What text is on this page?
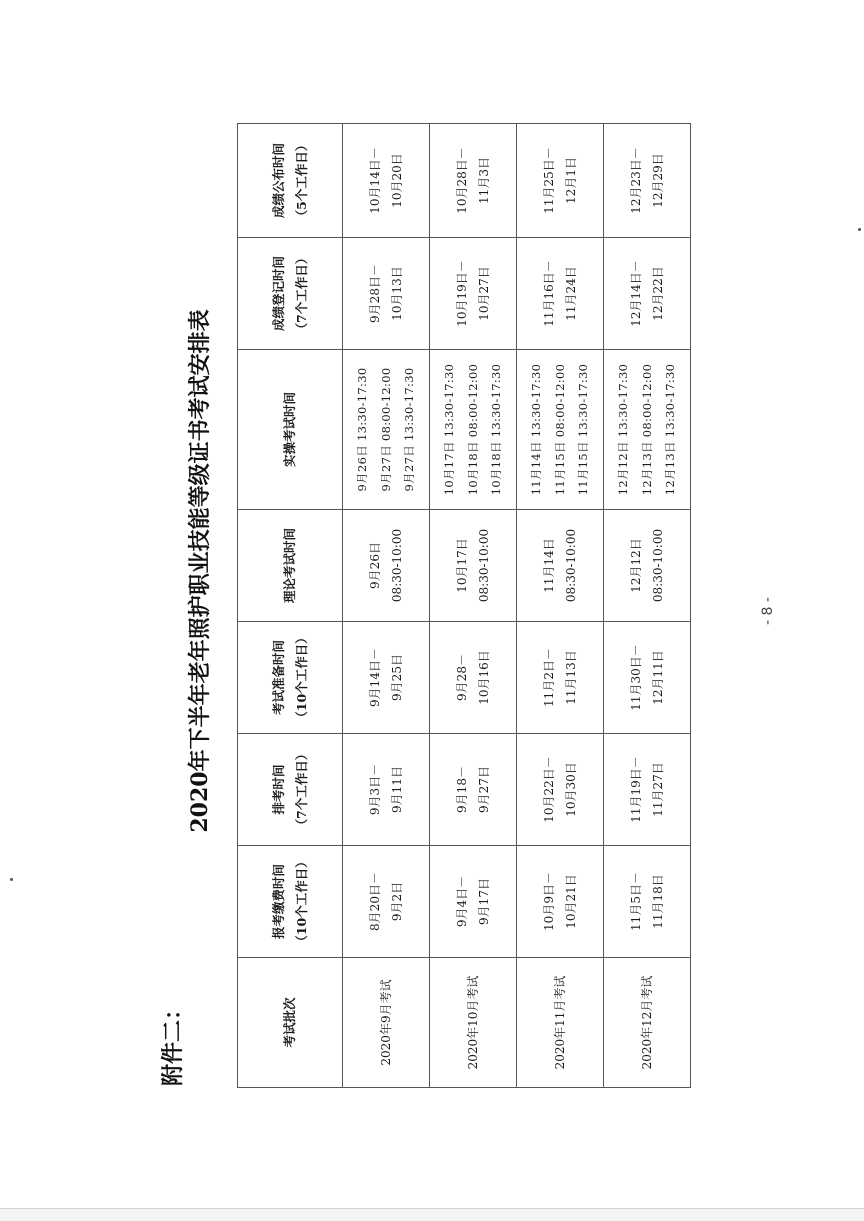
附件二：
2020年下半年老年照护职业技能等级证书考试安排表
考试批次	报考缴费时间 （10个工作日）	排考时间 （7个工作日）	考试准备时间 （10个工作日）	理论考试时间	实操考试时间	成绩登记时间 （7个工作日）	成绩公布时间 （5个工作日）

2020年9月考试	8月20日－ 9月2日	9月3日－ 9月11日	9月14日－ 9月25日	9月26日 08:30-10:00	9月26日 13:30-17:30 9月27日 08:00-12:00 9月27日 13:30-17:30	9月28日－ 10月13日	10月14日－ 10月20日

2020年10月考试	9月4日－ 9月17日	9月18－ 9月27日	9月28－ 10月16日	10月17日 08:30-10:00	10月17日 13:30-17:30 10月18日 08:00-12:00 10月18日 13:30-17:30	10月19日－ 10月27日	10月28日－ 11月3日

2020年11月考试	10月9日－ 10月21日	10月22日－ 10月30日	11月2日－ 11月13日	11月14日 08:30-10:00	11月14日 13:30-17:30 11月15日 08:00-12:00 11月15日 13:30-17:30	11月16日－ 11月24日	11月25日－ 12月1日

2020年12月考试	11月5日－ 11月18日	11月19日－ 11月27日	11月30日－ 12月11日	12月12日 08:30-10:00	12月12日 13:30-17:30 12月13日 08:00-12:00 12月13日 13:30-17:30	12月14日－ 12月22日	12月23日－ 12月29日
- 8 -
